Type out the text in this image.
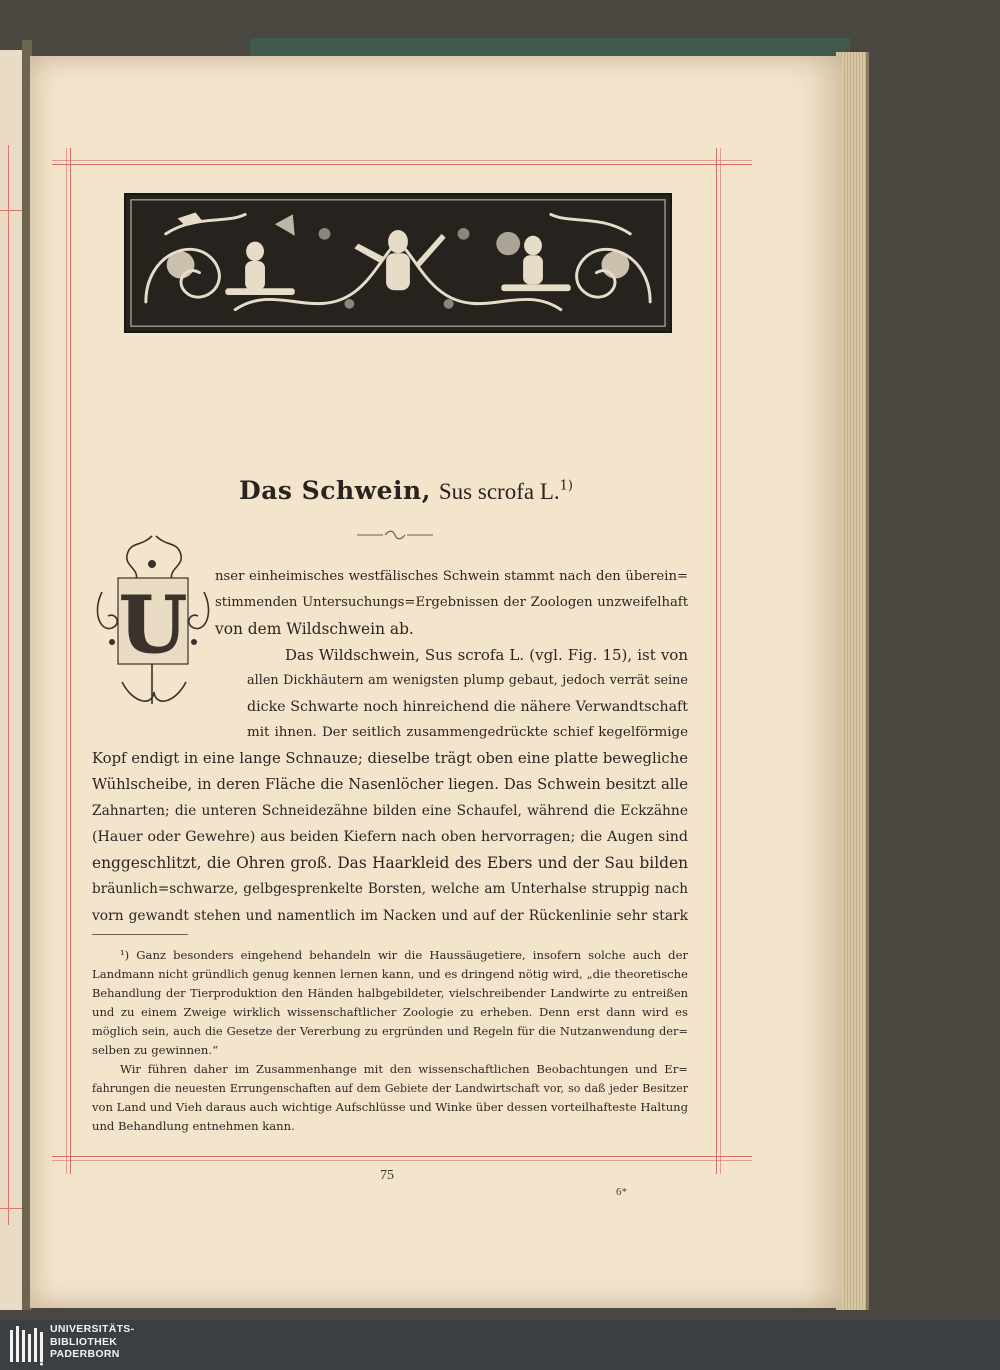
Das Schwein, Sus scrofa L.$^{1)}$
U

nser einheimisches westfälisches Schwein stammt nach den überein=

stimmenden Untersuchungs=Ergebnissen der Zoologen unzweifelhaft

von dem Wildschwein ab.

Das Wildschwein, Sus scrofa L. (vgl. Fig. 15), ist von

allen Dickhäutern am wenigsten plump gebaut, jedoch verrät seine

dicke Schwarte noch hinreichend die nähere Verwandtschaft

mit ihnen. Der seitlich zusammengedrückte schief kegelförmige

Kopf endigt in eine lange Schnauze; dieselbe trägt oben eine platte bewegliche

Wühlscheibe, in deren Fläche die Nasenlöcher liegen. Das Schwein besitzt alle

Zahnarten; die unteren Schneidezähne bilden eine Schaufel, während die Eckzähne

(Hauer oder Gewehre) aus beiden Kiefern nach oben hervorragen; die Augen sind

enggeschlitzt, die Ohren groß. Das Haarkleid des Ebers und der Sau bilden

bräunlich=schwarze, gelbgesprenkelte Borsten, welche am Unterhalse struppig nach

vorn gewandt stehen und namentlich im Nacken und auf der Rückenlinie sehr stark

¹) Ganz besonders eingehend behandeln wir die Haussäugetiere, insofern solche auch der

Landmann nicht gründlich genug kennen lernen kann, und es dringend nötig wird, „die theoretische

Behandlung der Tierproduktion den Händen halbgebildeter, vielschreibender Landwirte zu entreißen

und zu einem Zweige wirklich wissenschaftlicher Zoologie zu erheben. Denn erst dann wird es

möglich sein, auch die Gesetze der Vererbung zu ergründen und Regeln für die Nutzanwendung der=

selben zu gewinnen.“

Wir führen daher im Zusammenhange mit den wissenschaftlichen Beobachtungen und Er=

fahrungen die neuesten Errungenschaften auf dem Gebiete der Landwirtschaft vor, so daß jeder Besitzer

von Land und Vieh daraus auch wichtige Aufschlüsse und Winke über dessen vorteilhafteste Haltung

und Behandlung entnehmen kann.

75
6*
UNIVERSITÄTS-
BIBLIOTHEK
PADERBORN
